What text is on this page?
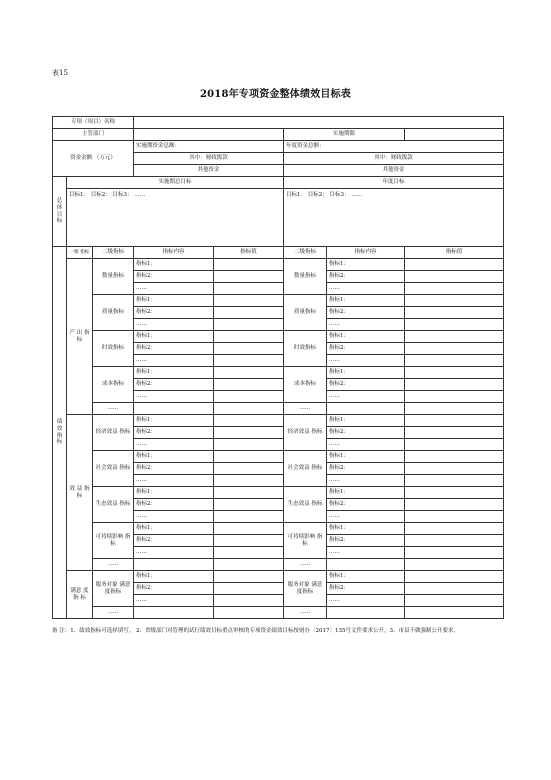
表15
2018年专项资金整体绩效目标表
专项（项目）名称							
主管部门					实施期限		
资金金额 （万元）			实施期资金总额：		年度资金总额：		
			其中：财政拨款		其中：财政拨款		
			其他资金		其他资金		
总 体 目 标	实施期总目标				年度目标		
	目标1： 目标2： 目标3： ……				目标1： 目标2： 目标3： ……		
绩 效 指 标	一级 指标	二级指标	指标内容	指标值	二级指标	指标内容	指标值
	产 出 指 标	数量指标	指标1：		数量指标	指标1：	
			指标2：			指标2：	
			……			……	
		质量指标	指标1：		质量指标	指标1：	
			指标2：			指标2：	
			……			……	
		时效指标	指标1：		时效指标	指标1：	
			指标2：			指标2：	
			……			……	
		成本指标	指标1：		成本指标	指标1：	
			指标2：			指标2：	
			……			……	
		……			……		
	效 益 指 标	经济效益 指标	指标1：		经济效益 指标	指标1：	
			指标2：			指标2：	
			……			……	
		社会效益 指标	指标1：		社会效益 指标	指标1：	
			指标2：			指标2：	
			……			……	
		生态效益 指标	指标1：		生态效益 指标	指标1：	
			指标2：			指标2：	
			……			……	
		可持续影响 指标	指标1：		可持续影响 指标	指标1：	
			指标2：			指标2：	
			……			……	
		……			……		
	满意 度指 标	服务对象 满意度指标	指标1：		服务对象 满意度指标	指标1：	
			指标2：			指标2：	
			……			……	
		……			……		
备 注：1、绩效指标可选择填写。 2、省级部门对管理的试行绩效目标重点审核的专项资金绩效目标按财办〔2017〕135号文件要求公开。3、市县不做强制公开要求。
